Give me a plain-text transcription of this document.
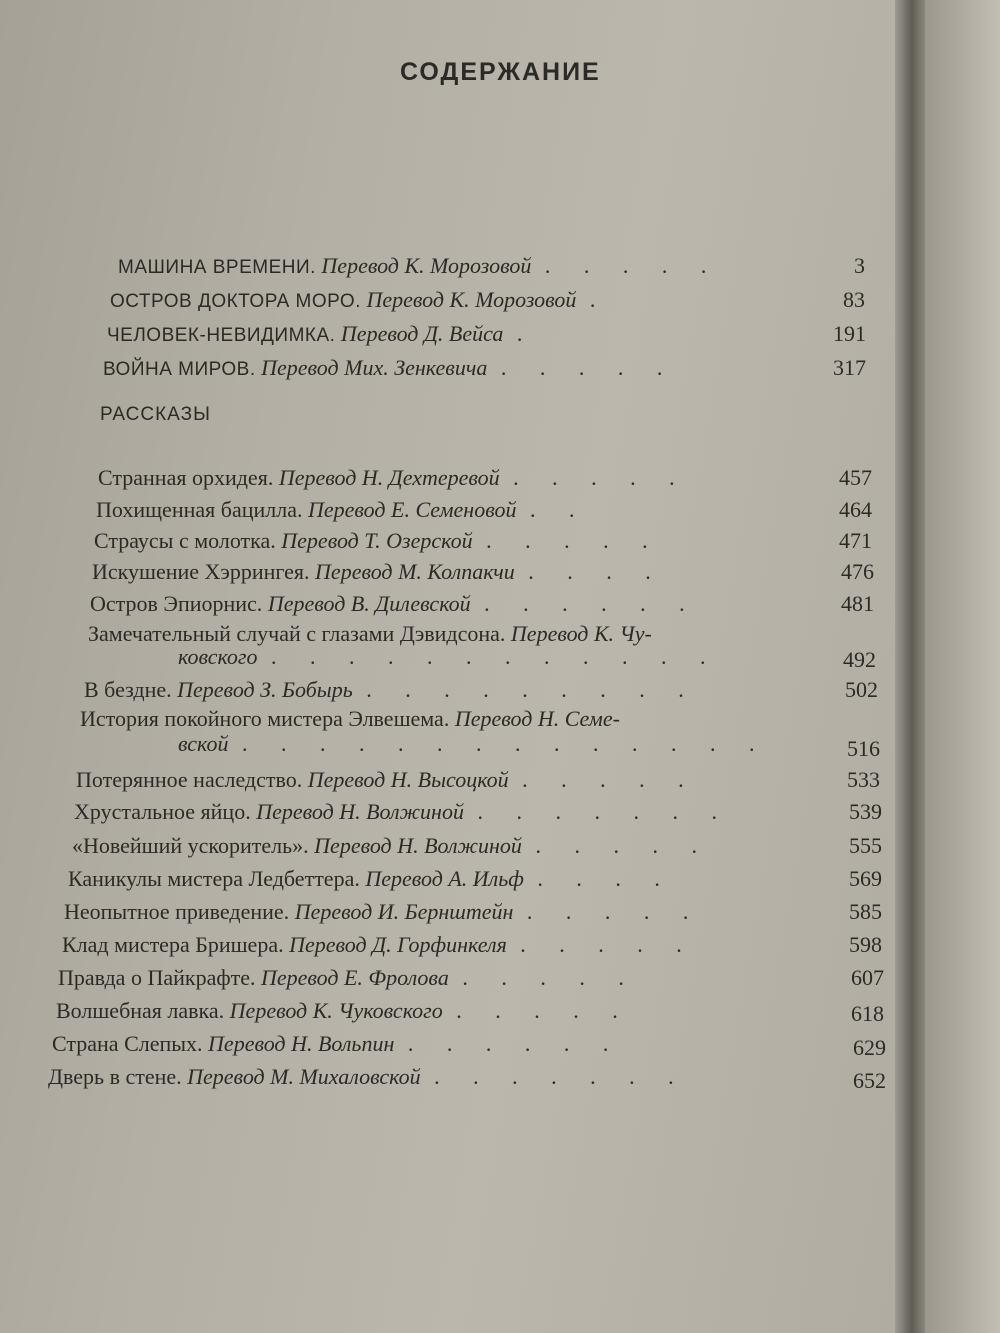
СОДЕРЖАНИЕ
МАШИНА ВРЕМЕНИ. Перевод К. Морозовой . . . . .	3
ОСТРОВ ДОКТОРА МОРО. Перевод К. Морозовой .	83
ЧЕЛОВЕК-НЕВИДИМКА. Перевод Д. Вейса .	191
ВОЙНА МИРОВ. Перевод Мих. Зенкевича . . . . .	317
РАССКАЗЫ
Странная орхидея. Перевод Н. Дехтеревой . . . . .	457
Похищенная бацилла. Перевод Е. Семеновой . .	464
Страусы с молотка. Перевод Т. Озерской . . . . .	471
Искушение Хэррингея. Перевод М. Колпакчи . . . .	476
Остров Эпиорнис. Перевод В. Дилевской . . . . . .	481
Замечательный случай с глазами Дэвидсона. Перевод К. Чу-
ковского . . . . . . . . . . . .	492
В бездне. Перевод З. Бобырь . . . . . . . . .	502
История покойного мистера Элвешема. Перевод Н. Семе-
вской . . . . . . . . . . . . . .	516
Потерянное наследство. Перевод Н. Высоцкой . . . . .	533
Хрустальное яйцо. Перевод Н. Волжиной . . . . . . .	539
«Новейший ускоритель». Перевод Н. Волжиной . . . . .	555
Каникулы мистера Ледбеттера. Перевод А. Ильф . . . .	569
Неопытное приведение. Перевод И. Бернштейн . . . . .	585
Клад мистера Бришера. Перевод Д. Горфинкеля . . . . .	598
Правда о Пайкрафте. Перевод Е. Фролова . . . . .	607
Волшебная лавка. Перевод К. Чуковского . . . . .	618
Страна Слепых. Перевод Н. Вольпин . . . . . .	629
Дверь в стене. Перевод М. Михаловской . . . . . . .	652
